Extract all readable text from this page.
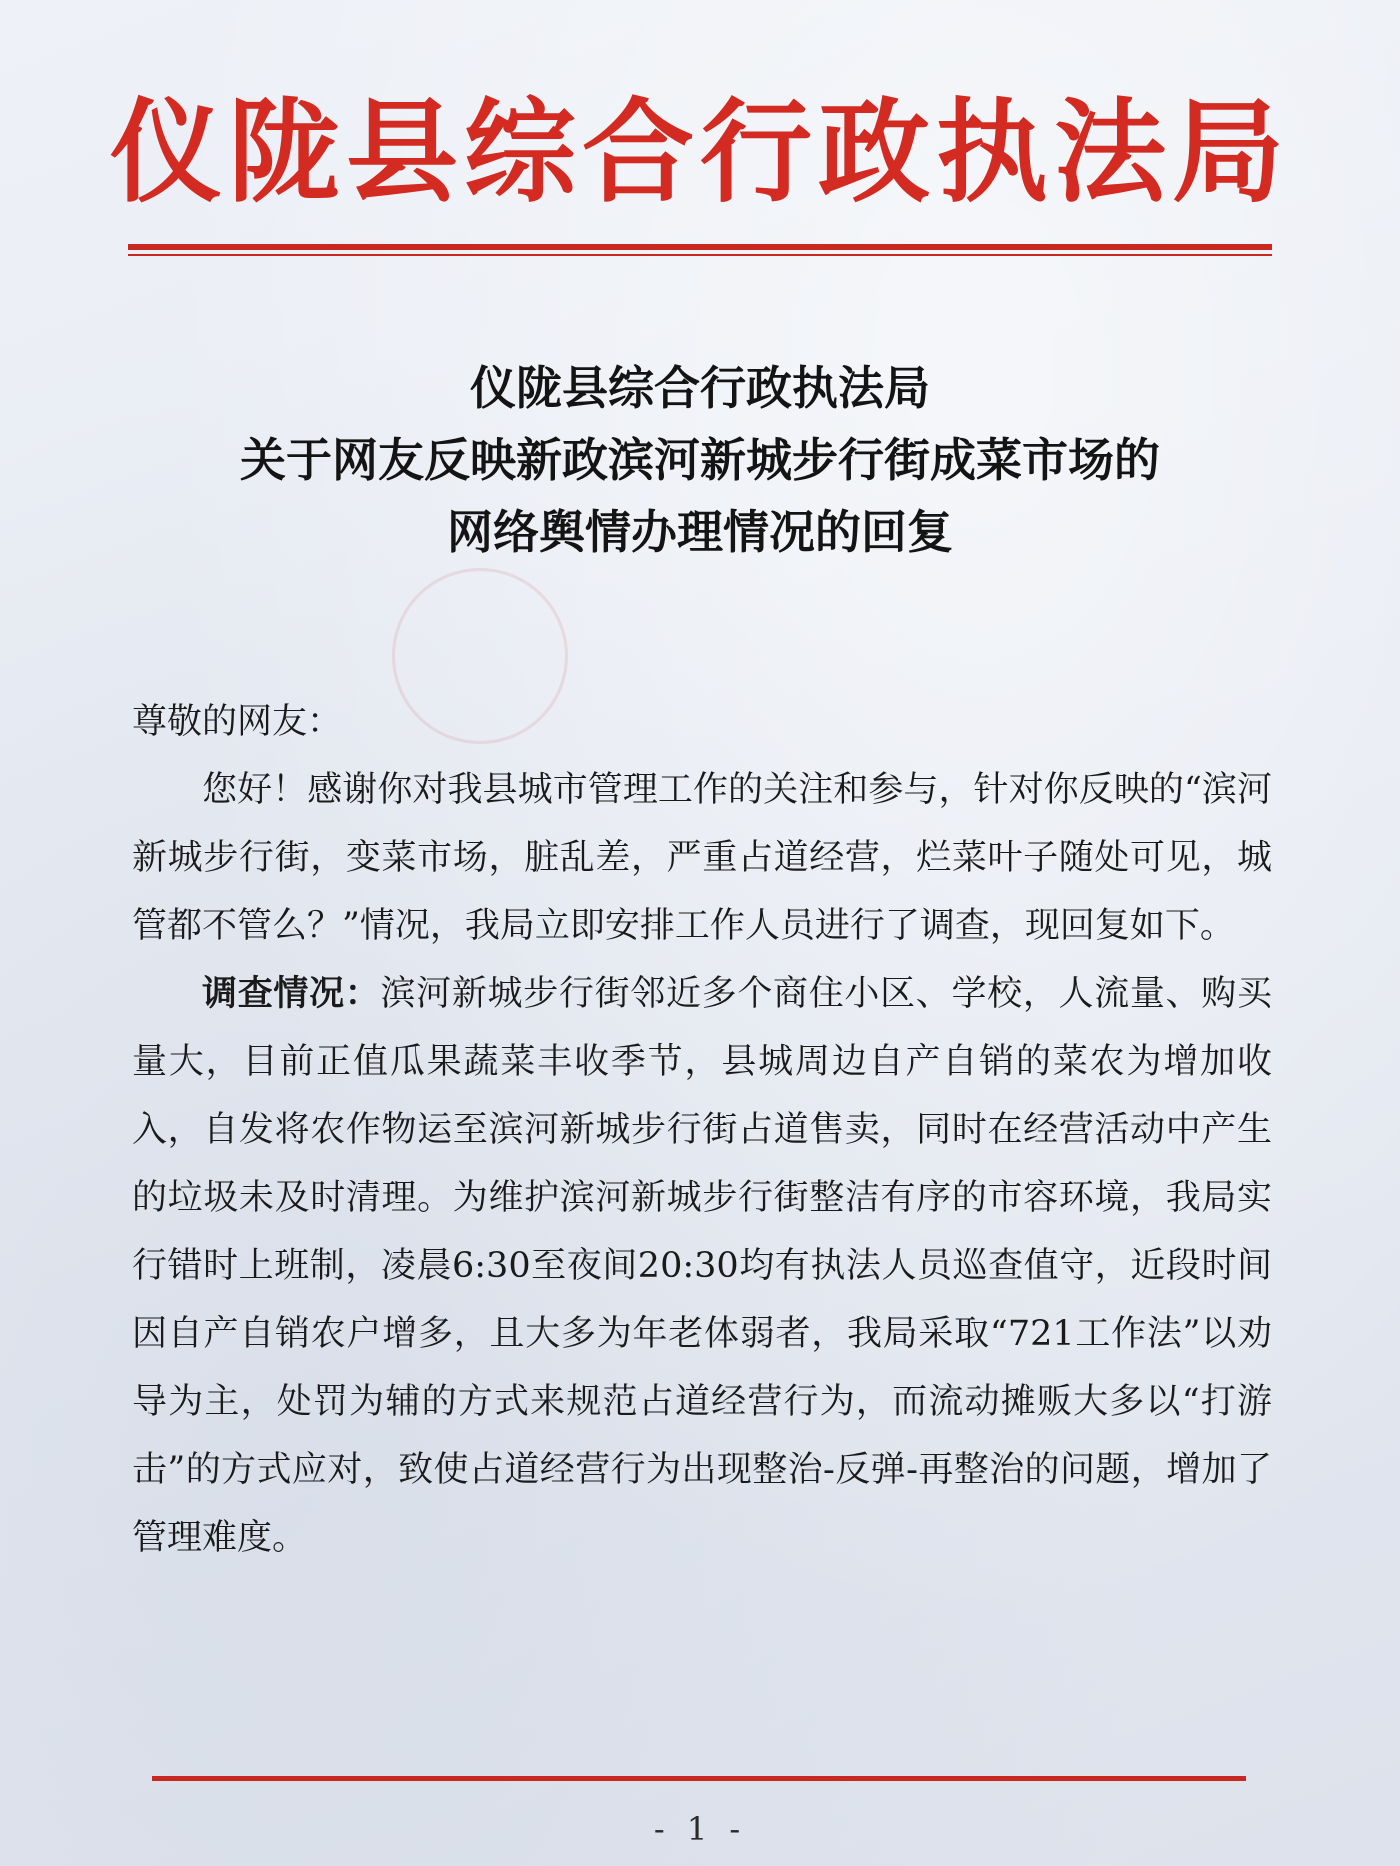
仪陇县综合行政执法局
仪陇县综合行政执法局
关于网友反映新政滨河新城步行街成菜市场的
网络舆情办理情况的回复

尊敬的网友：

您好！感谢你对我县城市管理工作的关注和参与，针对你反映的“滨河新城步行街，变菜市场，脏乱差，严重占道经营，烂菜叶子随处可见，城管都不管么？”情况，我局立即安排工作人员进行了调查，现回复如下。

调查情况：滨河新城步行街邻近多个商住小区、学校，人流量、购买量大，目前正值瓜果蔬菜丰收季节，县城周边自产自销的菜农为增加收入，自发将农作物运至滨河新城步行街占道售卖，同时在经营活动中产生的垃圾未及时清理。为维护滨河新城步行街整洁有序的市容环境，我局实行错时上班制，凌晨6:30至夜间20:30均有执法人员巡查值守，近段时间因自产自销农户增多，且大多为年老体弱者，我局采取“721工作法”以劝导为主，处罚为辅的方式来规范占道经营行为，而流动摊贩大多以“打游击”的方式应对，致使占道经营行为出现整治-反弹-再整治的问题，增加了管理难度。

- 1 -
